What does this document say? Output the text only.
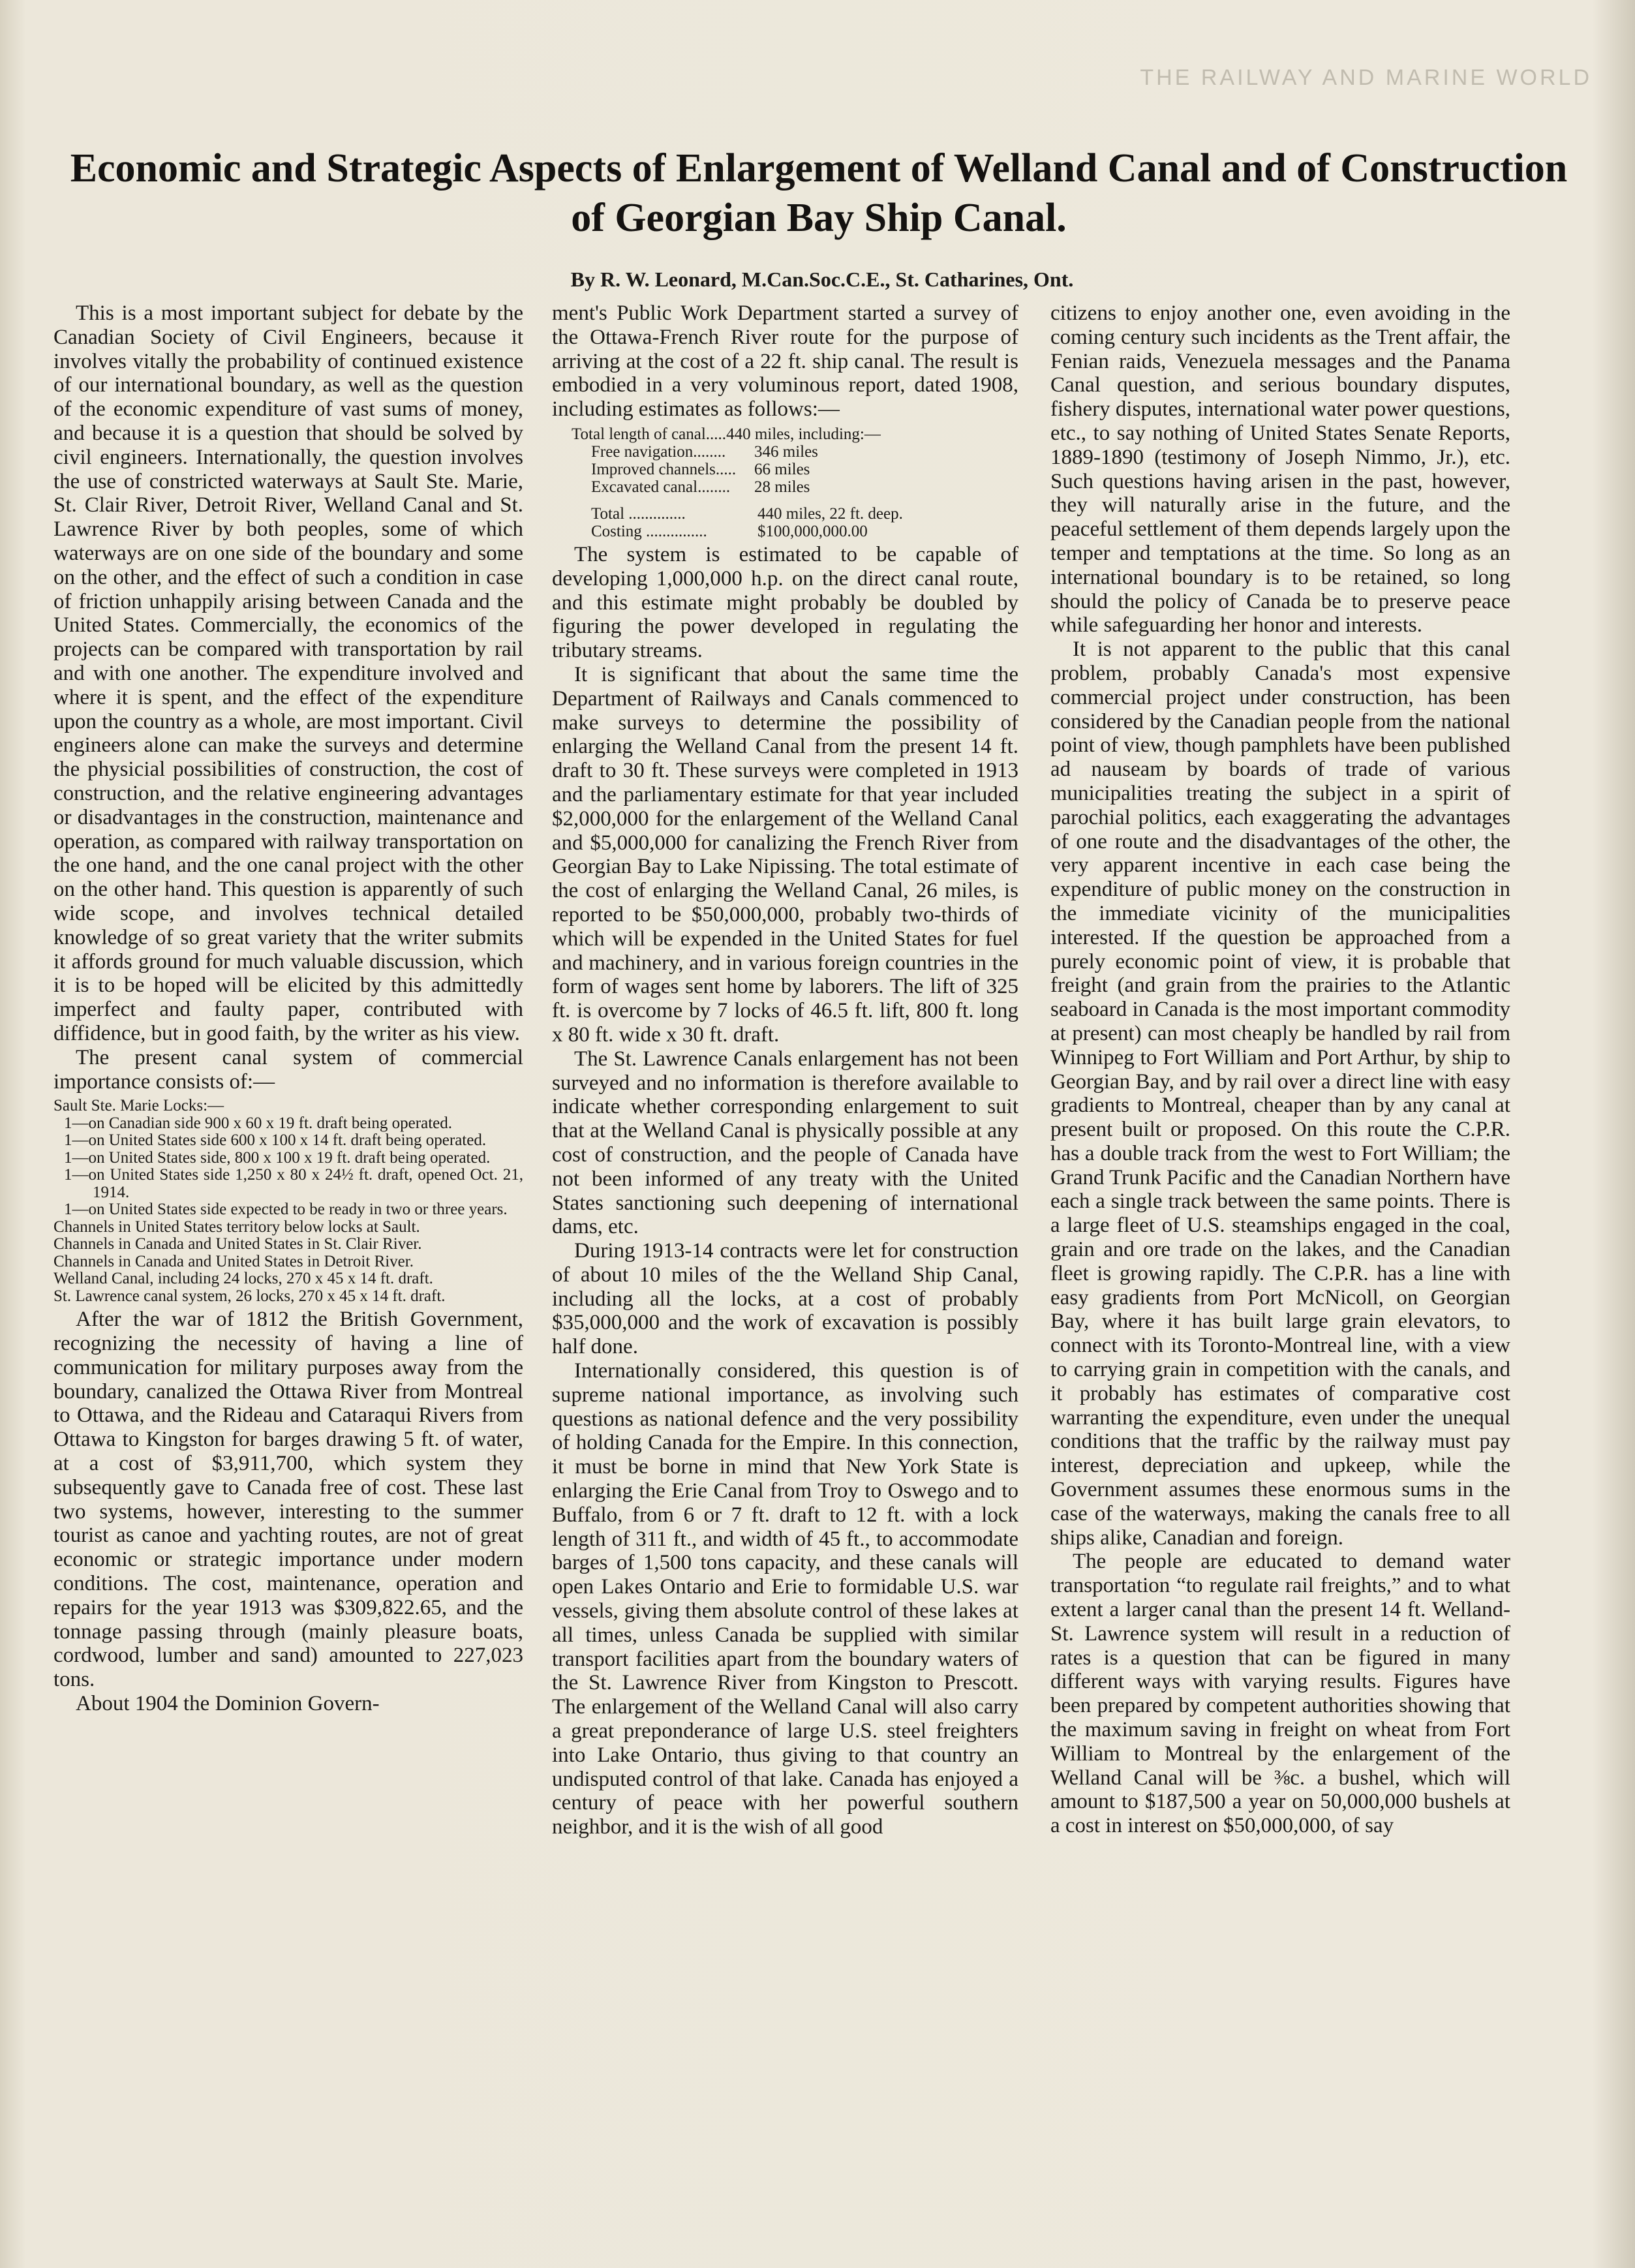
THE RAILWAY AND MARINE WORLD
Economic and Strategic Aspects of Enlargement of Welland Canal and of Construction of Georgian Bay Ship Canal.
By R. W. Leonard, M.Can.Soc.C.E., St. Catharines, Ont.

This is a most important subject for debate by the Canadian Society of Civil Engineers, because it involves vitally the probability of continued existence of our international boundary, as well as the question of the economic expenditure of vast sums of money, and because it is a question that should be solved by civil engineers. Internationally, the question involves the use of constricted waterways at Sault Ste. Marie, St. Clair River, Detroit River, Welland Canal and St. Lawrence River by both peoples, some of which waterways are on one side of the boundary and some on the other, and the effect of such a condition in case of friction unhappily arising between Canada and the United States. Commercially, the economics of the projects can be compared with transportation by rail and with one another. The expenditure involved and where it is spent, and the effect of the expenditure upon the country as a whole, are most important. Civil engineers alone can make the surveys and determine the physicial possibilities of construction, the cost of construction, and the relative engineering advantages or disadvantages in the construction, maintenance and operation, as compared with railway transportation on the one hand, and the one canal project with the other on the other hand. This question is apparently of such wide scope, and involves technical detailed knowledge of so great variety that the writer submits it affords ground for much valuable discussion, which it is to be hoped will be elicited by this admittedly imperfect and faulty paper, contributed with diffidence, but in good faith, by the writer as his view.

The present canal system of commercial importance consists of:—

Sault Ste. Marie Locks:—
1—on Canadian side 900 x 60 x 19 ft. draft being operated.
1—on United States side 600 x 100 x 14 ft. draft being operated.
1—on United States side, 800 x 100 x 19 ft. draft being operated.
1—on United States side 1,250 x 80 x 24½ ft. draft, opened Oct. 21, 1914.
1—on United States side expected to be ready in two or three years.
Channels in United States territory below locks at Sault.
Channels in Canada and United States in St. Clair River.
Channels in Canada and United States in Detroit River.
Welland Canal, including 24 locks, 270 x 45 x 14 ft. draft.
St. Lawrence canal system, 26 locks, 270 x 45 x 14 ft. draft.

After the war of 1812 the British Government, recognizing the necessity of having a line of communication for military purposes away from the boundary, canalized the Ottawa River from Montreal to Ottawa, and the Rideau and Cataraqui Rivers from Ottawa to Kingston for barges drawing 5 ft. of water, at a cost of $3,911,700, which system they subsequently gave to Canada free of cost. These last two systems, however, interesting to the summer tourist as canoe and yachting routes, are not of great economic or strategic importance under modern conditions. The cost, maintenance, operation and repairs for the year 1913 was $309,822.65, and the tonnage passing through (mainly pleasure boats, cordwood, lumber and sand) amounted to 227,023 tons.

About 1904 the Dominion Govern-

ment's Public Work Department started a survey of the Ottawa-French River route for the purpose of arriving at the cost of a 22 ft. ship canal. The result is embodied in a very voluminous report, dated 1908, including estimates as follows:—

Total length of canal..... 440 miles, including:—
Free navigation........	346 miles
Improved channels.....	66 miles
Excavated canal........	28 miles
Total ..............	440 miles, 22 ft. deep.
Costing ...............	$100,000,000.00

The system is estimated to be capable of developing 1,000,000 h.p. on the direct canal route, and this estimate might probably be doubled by figuring the power developed in regulating the tributary streams.

It is significant that about the same time the Department of Railways and Canals commenced to make surveys to determine the possibility of enlarging the Welland Canal from the present 14 ft. draft to 30 ft. These surveys were completed in 1913 and the parliamentary estimate for that year included $2,000,000 for the enlargement of the Welland Canal and $5,000,000 for canalizing the French River from Georgian Bay to Lake Nipissing. The total estimate of the cost of enlarging the Welland Canal, 26 miles, is reported to be $50,000,000, probably two-thirds of which will be expended in the United States for fuel and machinery, and in various foreign countries in the form of wages sent home by laborers. The lift of 325 ft. is overcome by 7 locks of 46.5 ft. lift, 800 ft. long x 80 ft. wide x 30 ft. draft.

The St. Lawrence Canals enlargement has not been surveyed and no information is therefore available to indicate whether corresponding enlargement to suit that at the Welland Canal is physically possible at any cost of construction, and the people of Canada have not been informed of any treaty with the United States sanctioning such deepening of international dams, etc.

During 1913-14 contracts were let for construction of about 10 miles of the the Welland Ship Canal, including all the locks, at a cost of probably $35,000,000 and the work of excavation is possibly half done.

Internationally considered, this question is of supreme national importance, as involving such questions as national defence and the very possibility of holding Canada for the Empire. In this connection, it must be borne in mind that New York State is enlarging the Erie Canal from Troy to Oswego and to Buffalo, from 6 or 7 ft. draft to 12 ft. with a lock length of 311 ft., and width of 45 ft., to accommodate barges of 1,500 tons capacity, and these canals will open Lakes Ontario and Erie to formidable U.S. war vessels, giving them absolute control of these lakes at all times, unless Canada be supplied with similar transport facilities apart from the boundary waters of the St. Lawrence River from Kingston to Prescott. The enlargement of the Welland Canal will also carry a great preponderance of large U.S. steel freighters into Lake Ontario, thus giving to that country an undisputed control of that lake. Canada has enjoyed a century of peace with her powerful southern neighbor, and it is the wish of all good

citizens to enjoy another one, even avoiding in the coming century such incidents as the Trent affair, the Fenian raids, Venezuela messages and the Panama Canal question, and serious boundary disputes, fishery disputes, international water power questions, etc., to say nothing of United States Senate Reports, 1889-1890 (testimony of Joseph Nimmo, Jr.), etc. Such questions having arisen in the past, however, they will naturally arise in the future, and the peaceful settlement of them depends largely upon the temper and temptations at the time. So long as an international boundary is to be retained, so long should the policy of Canada be to preserve peace while safeguarding her honor and interests.

It is not apparent to the public that this canal problem, probably Canada's most expensive commercial project under construction, has been considered by the Canadian people from the national point of view, though pamphlets have been published ad nauseam by boards of trade of various municipalities treating the subject in a spirit of parochial politics, each exaggerating the advantages of one route and the disadvantages of the other, the very apparent incentive in each case being the expenditure of public money on the construction in the immediate vicinity of the municipalities interested. If the question be approached from a purely economic point of view, it is probable that freight (and grain from the prairies to the Atlantic seaboard in Canada is the most important commodity at present) can most cheaply be handled by rail from Winnipeg to Fort William and Port Arthur, by ship to Georgian Bay, and by rail over a direct line with easy gradients to Montreal, cheaper than by any canal at present built or proposed. On this route the C.P.R. has a double track from the west to Fort William; the Grand Trunk Pacific and the Canadian Northern have each a single track between the same points. There is a large fleet of U.S. steamships engaged in the coal, grain and ore trade on the lakes, and the Canadian fleet is growing rapidly. The C.P.R. has a line with easy gradients from Port McNicoll, on Georgian Bay, where it has built large grain elevators, to connect with its Toronto-Montreal line, with a view to carrying grain in competition with the canals, and it probably has estimates of comparative cost warranting the expenditure, even under the unequal conditions that the traffic by the railway must pay interest, depreciation and upkeep, while the Government assumes these enormous sums in the case of the waterways, making the canals free to all ships alike, Canadian and foreign.

The people are educated to demand water transportation “to regulate rail freights,” and to what extent a larger canal than the present 14 ft. Welland-St. Lawrence system will result in a reduction of rates is a question that can be figured in many different ways with varying results. Figures have been prepared by competent authorities showing that the maximum saving in freight on wheat from Fort William to Montreal by the enlargement of the Welland Canal will be ⅜c. a bushel, which will amount to $187,500 a year on 50,000,000 bushels at a cost in interest on $50,000,000, of say
